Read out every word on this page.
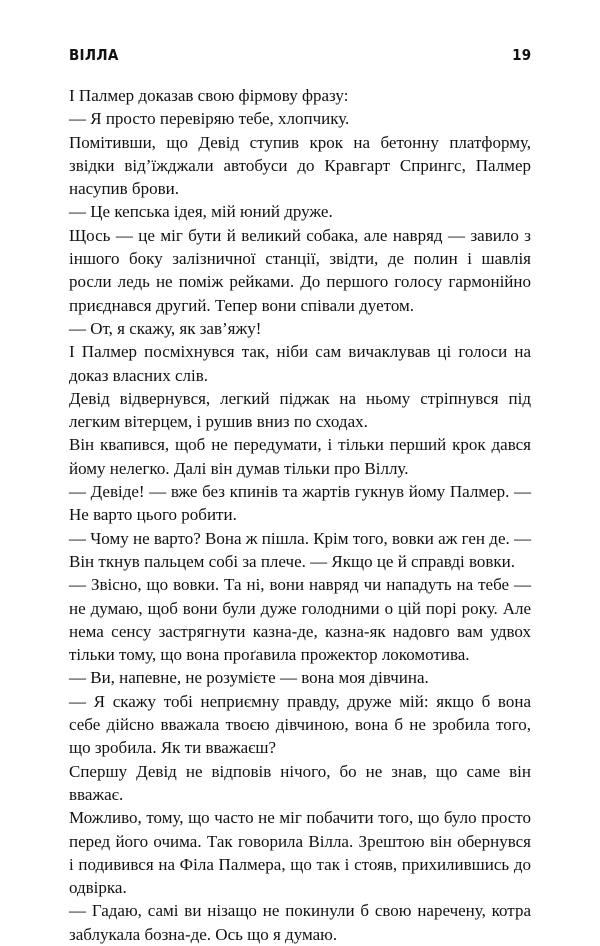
ВІЛЛА	19

І Палмер доказав свою фірмову фразу:

— Я просто перевіряю тебе, хлопчику.

Помітивши, що Девід ступив крок на бетонну платформу, звідки від’їжджали автобуси до Кравгарт Спрингс, Палмер насупив брови.

— Це кепська ідея, мій юний друже.

Щось — це міг бути й великий собака, але навряд — завило з іншого боку залізничної станції, звідти, де полин і шавлія росли ледь не поміж рейками. До першого голосу гармонійно приєднався другий. Тепер вони співали дуетом.

— От, я скажу, як зав’яжу!

І Палмер посміхнувся так, ніби сам вичаклував ці голоси на доказ власних слів.

Девід відвернувся, легкий піджак на ньому стріпнувся під легким вітерцем, і рушив вниз по сходах.

Він квапився, щоб не передумати, і тільки перший крок дався йому нелегко. Далі він думав тільки про Віллу.

— Девіде! — вже без кпинів та жартів гукнув йому Палмер. — Не варто цього робити.

— Чому не варто? Вона ж пішла. Крім того, вовки аж ген де. — Він ткнув пальцем собі за плече. — Якщо це й справді вовки.

— Звісно, що вовки. Та ні, вони навряд чи нападуть на тебе — не думаю, щоб вони були дуже голодними о цій порі року. Але нема сенсу застрягнути казна-де, казна-як надовго вам удвох тільки тому, що вона проґавила прожектор локомотива.

— Ви, напевне, не розумієте — вона моя дівчина.

— Я скажу тобі неприємну правду, друже мій: якщо б вона себе дійсно вважала твоєю дівчиною, вона б не зробила того, що зробила. Як ти вважаєш?

Спершу Девід не відповів нічого, бо не знав, що саме він вважає.

Можливо, тому, що часто не міг побачити того, що було просто перед його очима. Так говорила Вілла. Зрештою він обернувся і подивився на Філа Палмера, що так і стояв, прихилившись до одвірка.

— Гадаю, самі ви нізащо не покинули б свою наречену, котра заблукала бозна-де. Ось що я думаю.
